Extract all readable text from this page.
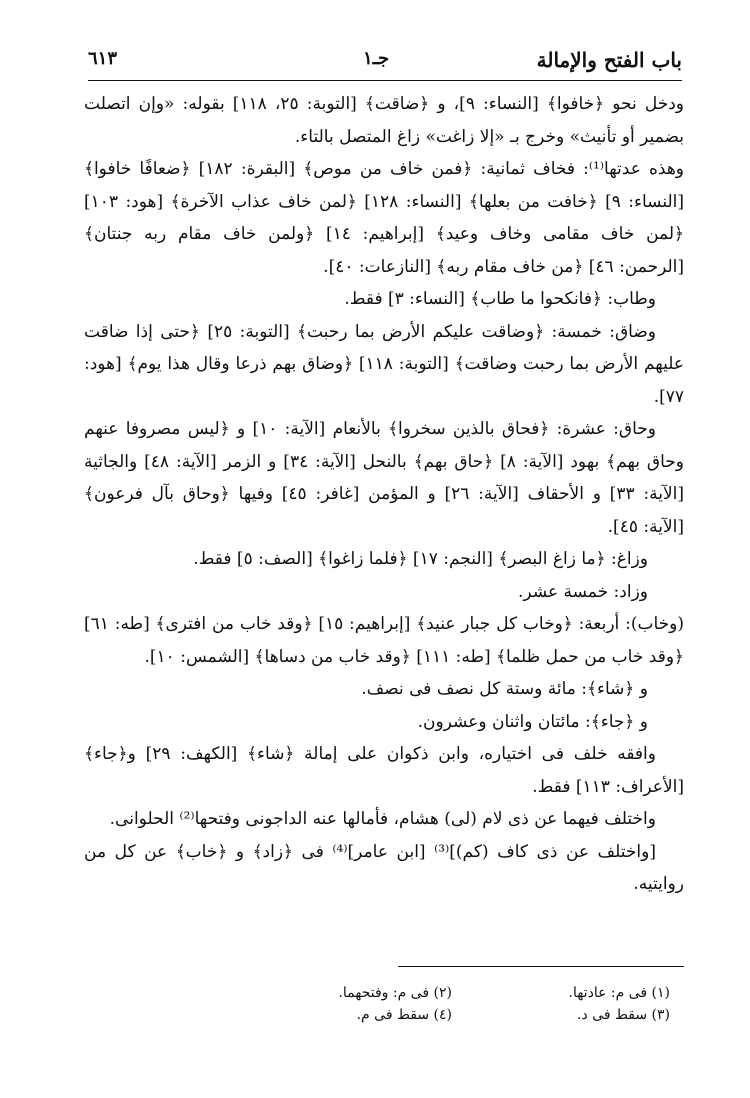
باب الفتح والإمالة
جـ١
٦١٣

ودخل نحو ﴿خافوا﴾ [النساء: ٩]، و ﴿ضاقت﴾ [التوبة: ٢٥، ١١٨] بقوله: «وإن اتصلت بضمير أو تأنيث» وخرج بـ «إلا زاغت» زاغ المتصل بالتاء.

وهذه عدتها⁽¹⁾: فخاف ثمانية: ﴿فمن خاف من موص﴾ [البقرة: ١٨٢] ﴿ضعافًا خافوا﴾ [النساء: ٩] ﴿خافت من بعلها﴾ [النساء: ١٢٨] ﴿لمن خاف عذاب الآخرة﴾ [هود: ١٠٣] ﴿لمن خاف مقامى وخاف وعيد﴾ [إبراهيم: ١٤] ﴿ولمن خاف مقام ربه جنتان﴾ [الرحمن: ٤٦] ﴿من خاف مقام ربه﴾ [النازعات: ٤٠].

وطاب: ﴿فانكحوا ما طاب﴾ [النساء: ٣] فقط.

وضاق: خمسة: ﴿وضاقت عليكم الأرض بما رحبت﴾ [التوبة: ٢٥] ﴿حتى إذا ضاقت عليهم الأرض بما رحبت وضاقت﴾ [التوبة: ١١٨] ﴿وضاق بهم ذرعا وقال هذا يوم﴾ [هود: ٧٧].

وحاق: عشرة: ﴿فحاق بالذين سخروا﴾ بالأنعام [الآية: ١٠] و ﴿ليس مصروفا عنهم وحاق بهم﴾ بهود [الآية: ٨] ﴿حاق بهم﴾ بالنحل [الآية: ٣٤] و الزمر [الآية: ٤٨] والجاثية [الآية: ٣٣] و الأحقاف [الآية: ٢٦] و المؤمن [غافر: ٤٥] وفيها ﴿وحاق بآل فرعون﴾ [الآية: ٤٥].

وزاغ: ﴿ما زاغ البصر﴾ [النجم: ١٧] ﴿فلما زاغوا﴾ [الصف: ٥] فقط.

وزاد: خمسة عشر.

(وخاب): أربعة: ﴿وخاب كل جبار عنيد﴾ [إبراهيم: ١٥] ﴿وقد خاب من افترى﴾ [طه: ٦١] ﴿وقد خاب من حمل ظلما﴾ [طه: ١١١] ﴿وقد خاب من دساها﴾ [الشمس: ١٠].

و ﴿شاء﴾: مائة وستة كل نصف فى نصف.

و ﴿جاء﴾: مائتان واثنان وعشرون.

وافقه خلف فى اختياره، وابن ذكوان على إمالة ﴿شاء﴾ [الكهف: ٢٩] و﴿جاء﴾ [الأعراف: ١١٣] فقط.

واختلف فيهما عن ذى لام (لى) هشام، فأمالها عنه الداجونى وفتحها⁽²⁾ الحلوانى.

[واختلف عن ذى كاف (كم)]⁽³⁾ [ابن عامر]⁽⁴⁾ فى ﴿زاد﴾ و ﴿خاب﴾ عن كل من روايتيه.

(١) فى م: عادتها.
(٢) فى م: وفتحهما.
(٣) سقط فى د.
(٤) سقط فى م.
